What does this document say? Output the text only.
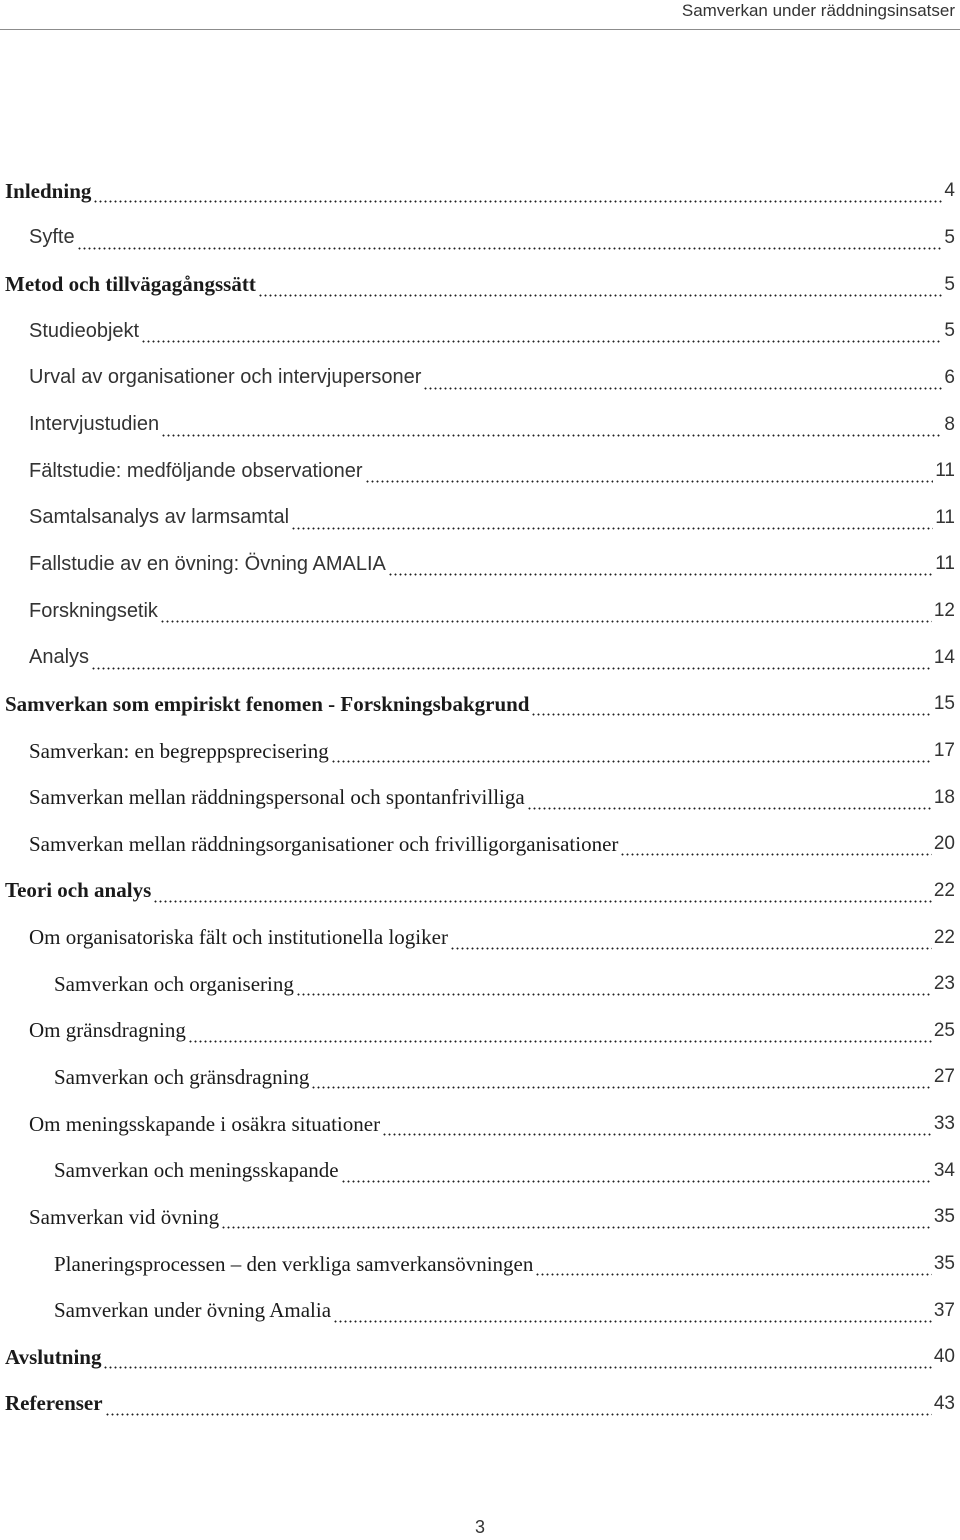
Samverkan under räddningsinsatser
Inledning	4
Syfte	5
Metod och tillvägagångssätt	5
Studieobjekt	5
Urval av organisationer och intervjupersoner	6
Intervjustudien	8
Fältstudie: medföljande observationer	11
Samtalsanalys av larmsamtal	11
Fallstudie av en övning: Övning AMALIA	11
Forskningsetik	12
Analys	14
Samverkan som empiriskt fenomen - Forskningsbakgrund	15
Samverkan: en begreppsprecisering	17
Samverkan mellan räddningspersonal och spontanfrivilliga	18
Samverkan mellan räddningsorganisationer och frivilligorganisationer	20
Teori och analys	22
Om organisatoriska fält och institutionella logiker	22
Samverkan och organisering	23
Om gränsdragning	25
Samverkan och gränsdragning	27
Om meningsskapande i osäkra situationer	33
Samverkan och meningsskapande	34
Samverkan vid övning	35
Planeringsprocessen – den verkliga samverkansövningen	35
Samverkan under övning Amalia	37
Avslutning	40
Referenser	43
3
